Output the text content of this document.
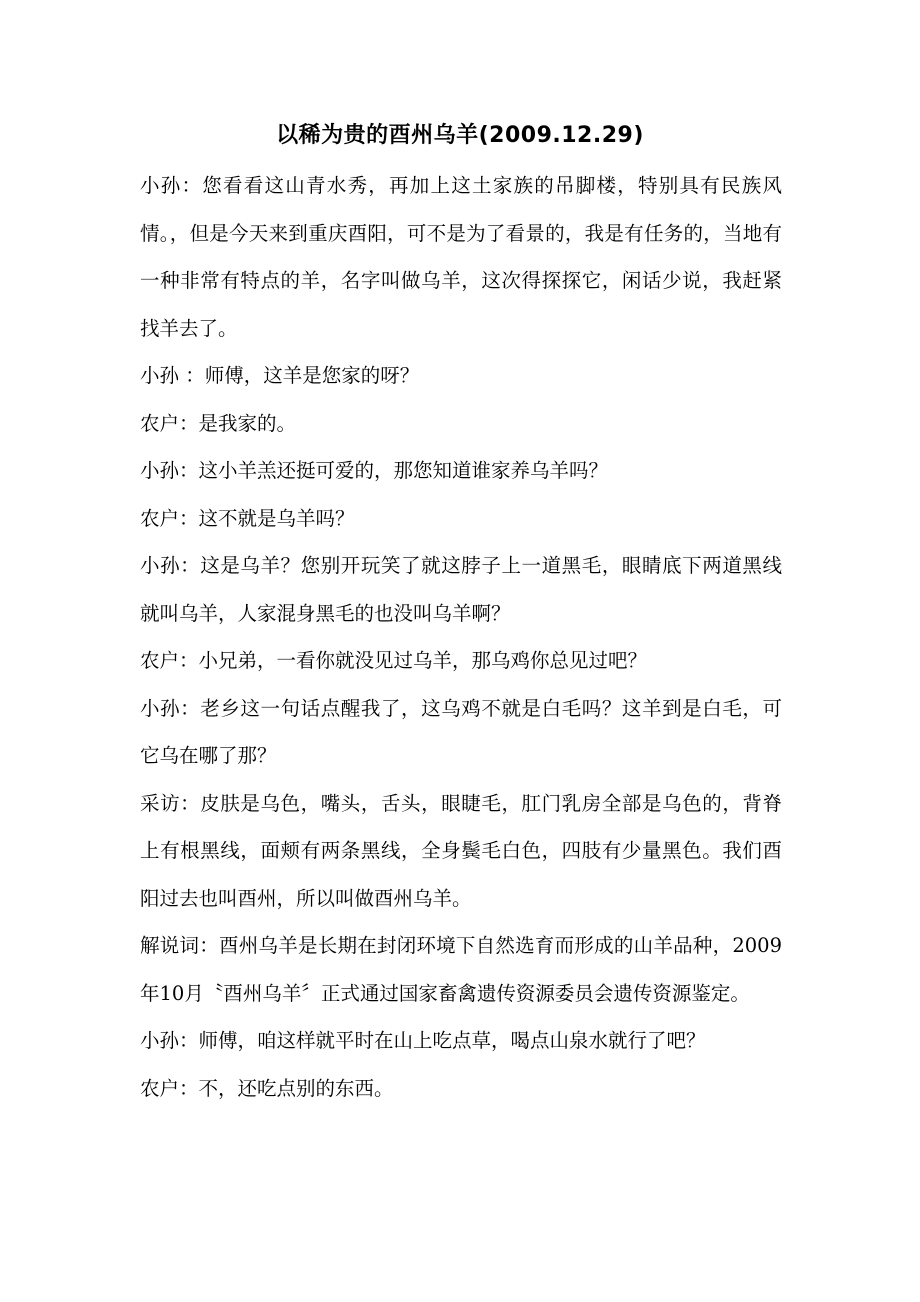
以稀为贵的酉州乌羊(2009.12.29)

小孙：您看看这山青水秀，再加上这土家族的吊脚楼，特别具有民族风情。，但是今天来到重庆酉阳，可不是为了看景的，我是有任务的，当地有一种非常有特点的羊，名字叫做乌羊，这次得探探它，闲话少说，我赶紧找羊去了。

小孙 ：师傅，这羊是您家的呀？

农户：是我家的。

小孙：这小羊羔还挺可爱的，那您知道谁家养乌羊吗？

农户：这不就是乌羊吗？

小孙：这是乌羊？您别开玩笑了就这脖子上一道黑毛，眼睛底下两道黑线就叫乌羊，人家混身黑毛的也没叫乌羊啊？

农户：小兄弟，一看你就没见过乌羊，那乌鸡你总见过吧？

小孙：老乡这一句话点醒我了，这乌鸡不就是白毛吗？这羊到是白毛，可它乌在哪了那？

采访：皮肤是乌色，嘴头，舌头，眼睫毛，肛门乳房全部是乌色的，背脊上有根黑线，面颊有两条黑线，全身鬓毛白色，四肢有少量黑色。我们酉阳过去也叫酉州，所以叫做酉州乌羊。

解说词：酉州乌羊是长期在封闭环境下自然选育而形成的山羊品种，2009年10月〝酉州乌羊〞正式通过国家畜禽遗传资源委员会遗传资源鉴定。

小孙：师傅，咱这样就平时在山上吃点草，喝点山泉水就行了吧？

农户：不，还吃点别的东西。
